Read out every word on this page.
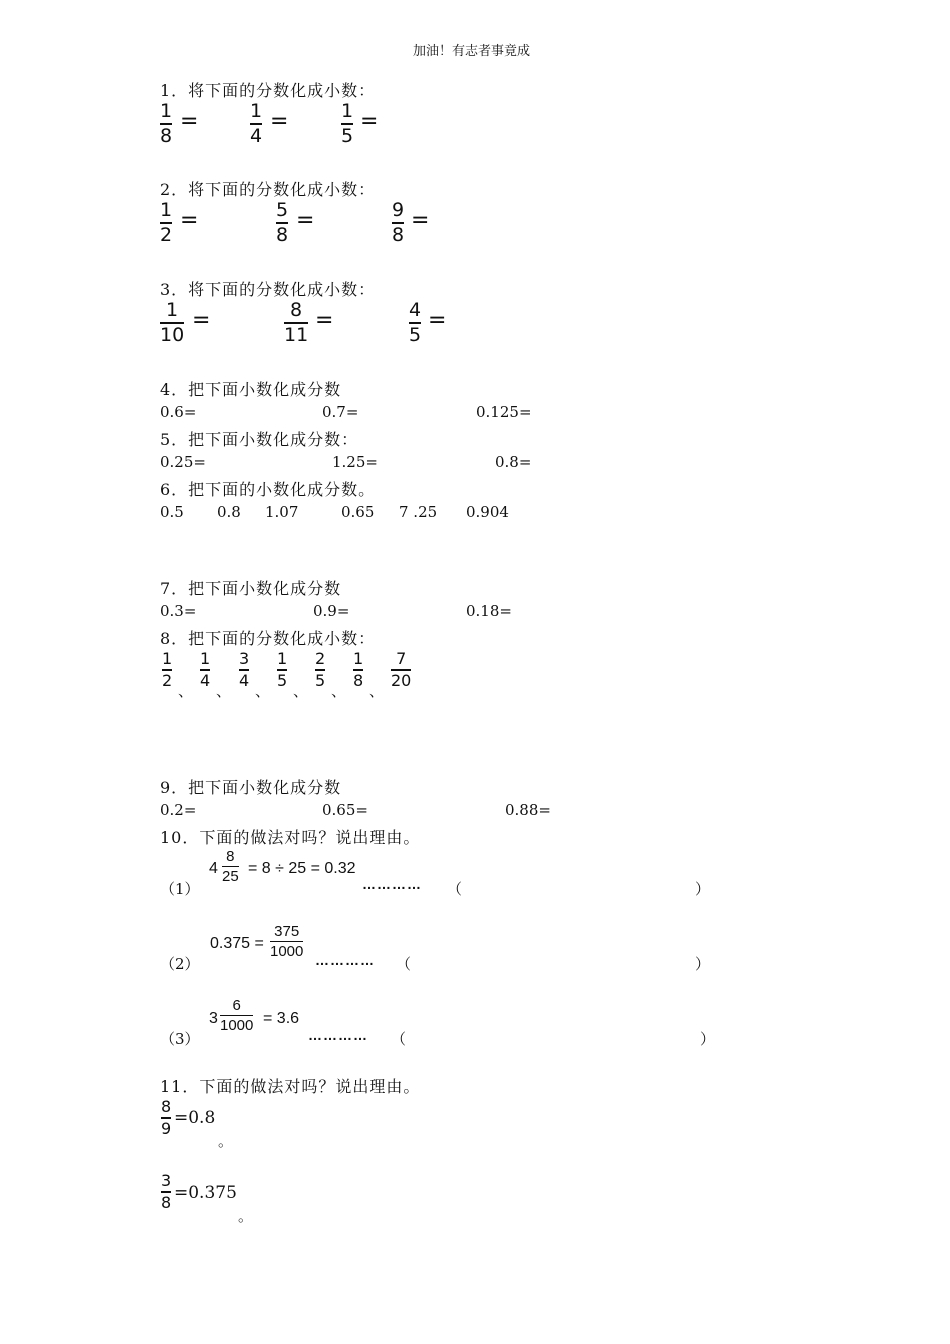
加油！有志者事竟成
1．将下面的分数化成小数：
1
8
=	1
4
=	1
5
=
2．将下面的分数化成小数：
1
2
=	5
8
=	9
8
=
3．将下面的分数化成小数：
1
10
=	8
11
=	4
5
=
4．把下面小数化成分数
0.6=	0.7=	0.125=
5．把下面小数化成分数：
0.25=	1.25=	0.8=
6．把下面的小数化成分数。
0.5 0.8 1.07	0.65 7 .25 0.904
7．把下面小数化成分数
0.3=	0.9=	0.18=
8．把下面的分数化成小数：
1
2
、
1
4
、
3
4
、
1
5
、
2
5
、
1
8
、
7
20
9．把下面小数化成分数
0.2=	0.65=	0.88=
10．下面的做法对吗？说出理由。
（1）
4
8
25 = 8 ÷ 25 = 0.32
………… （	）
（2）
0.375 =
375
1000 ………… （	）
（3）
3
6
1000 = 3.6
………… （	）
11．下面的做法对吗？说出理由。
8
9 =0.8
。
3
8 =0.375
。
